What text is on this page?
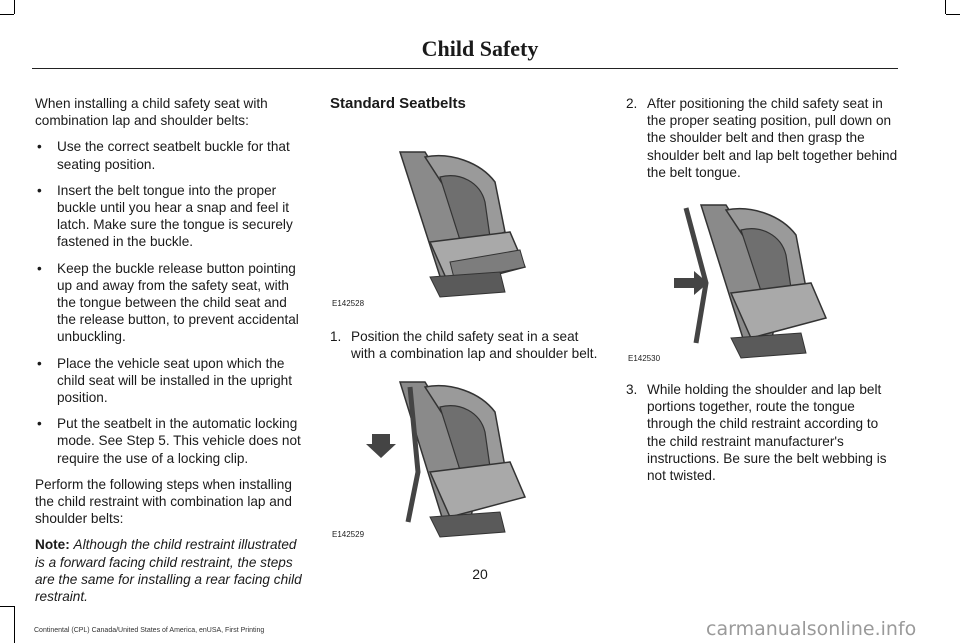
Child Safety

When installing a child safety seat with combination lap and shoulder belts:

• Use the correct seatbelt buckle for that seating position.
• Insert the belt tongue into the proper buckle until you hear a snap and feel it latch. Make sure the tongue is securely fastened in the buckle.
• Keep the buckle release button pointing up and away from the safety seat, with the tongue between the child seat and the release button, to prevent accidental unbuckling.
• Place the vehicle seat upon which the child seat will be installed in the upright position.
• Put the seatbelt in the automatic locking mode. See Step 5. This vehicle does not require the use of a locking clip.

Perform the following steps when installing the child restraint with combination lap and shoulder belts:

Note: Although the child restraint illustrated is a forward facing child restraint, the steps are the same for installing a rear facing child restraint.

Standard Seatbelts
E142528

1. Position the child safety seat in a seat with a combination lap and shoulder belt.

E142529

2. After positioning the child safety seat in the proper seating position, pull down on the shoulder belt and then grasp the shoulder belt and lap belt together behind the belt tongue.

E142530

3. While holding the shoulder and lap belt portions together, route the tongue through the child restraint according to the child restraint manufacturer's instructions. Be sure the belt webbing is not twisted.

20
Continental (CPL) Canada/United States of America, enUSA, First Printing	carmanualsonline.info
